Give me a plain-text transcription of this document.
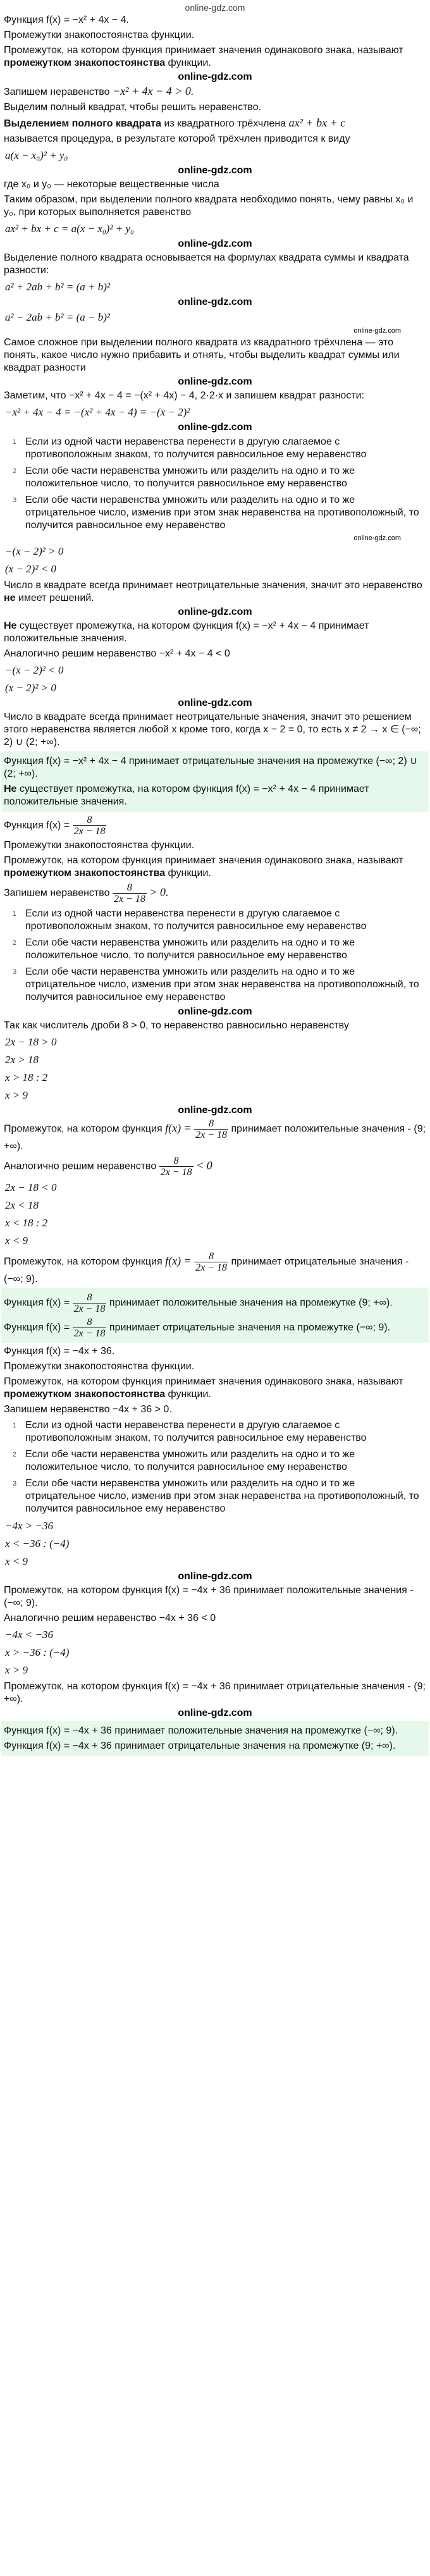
online-gdz.com

Функция f(x) = −x² + 4x − 4.

Промежутки знакопостоянства функции.

Промежуток, на котором функция принимает значения одинакового знака, называют промежутком знакопостоянства функции.

online-gdz.com

Запишем неравенство −x² + 4x − 4 > 0.

Выделим полный квадрат, чтобы решить неравенство.

Выделением полного квадрата из квадратного трёхчлена ax² + bx + c

называется процедура, в результате которой трёхчлен приводится к виду

a(x − x₀)² + y₀
online-gdz.com

где x₀ и y₀ — некоторые вещественные числа

Таким образом, при выделении полного квадрата необходимо понять, чему равны x₀ и y₀, при которых выполняется равенство

ax² + bx + c = a(x − x₀)² + y₀
online-gdz.com

Выделение полного квадрата основывается на формулах квадрата суммы и квадрата разности:

a² + 2ab + b² = (a + b)²
online-gdz.com
a² − 2ab + b² = (a − b)²
online-gdz.com

Самое сложное при выделении полного квадрата из квадратного трёхчлена — это понять, какое число нужно прибавить и отнять, чтобы выделить квадрат суммы или квадрат разности

online-gdz.com

Заметим, что −x² + 4x − 4 = −(x² + 4x) − 4, 2·2·x и запишем квадрат разности:

−x² + 4x − 4 = −(x² + 4x − 4) = −(x − 2)²
online-gdz.com
1 Если из одной части неравенства перенести в другую слагаемое с противоположным знаком, то получится равносильное ему неравенство
2 Если обе части неравенства умножить или разделить на одно и то же положительное число, то получится равносильное ему неравенство
3 Если обе части неравенства умножить или разделить на одно и то же отрицательное число, изменив при этом знак неравенства на противоположный, то получится равносильное ему неравенство
online-gdz.com
−(x − 2)² > 0
(x − 2)² < 0

Число в квадрате всегда принимает неотрицательные значения, значит это неравенство не имеет решений.

online-gdz.com

Не существует промежутка, на котором функция f(x) = −x² + 4x − 4 принимает положительные значения.

Аналогично решим неравенство −x² + 4x − 4 < 0

−(x − 2)² < 0
(x − 2)² > 0
online-gdz.com

Число в квадрате всегда принимает неотрицательные значения, значит это решением этого неравенства является любой x кроме того, когда x − 2 = 0, то есть x ≠ 2 → x ∈ (−∞; 2) ∪ (2; +∞).

Функция f(x) = −x² + 4x − 4 принимает отрицательные значения на промежутке (−∞; 2) ∪ (2; +∞).

Не существует промежутка, на котором функция f(x) = −x² + 4x − 4 принимает положительные значения.

Функция $f(x) = \frac{8}{2x - 18}$

Промежутки знакопостоянства функции.

Промежуток, на котором функция принимает значения одинакового знака, называют промежутком знакопостоянства функции.

Запишем неравенство $\frac{8}{2x - 18} > 0$.

1 Если из одной части неравенства перенести в другую слагаемое с противоположным знаком, то получится равносильное ему неравенство
2 Если обе части неравенства умножить или разделить на одно и то же положительное число, то получится равносильное ему неравенство
3 Если обе части неравенства умножить или разделить на одно и то же отрицательное число, изменив при этом знак неравенства на противоположный, то получится равносильное ему неравенство
online-gdz.com

Так как числитель дроби 8 > 0, то неравенство равносильно неравенству

2x − 18 > 0
2x > 18
x > 18 : 2
x > 9
online-gdz.com

Промежуток, на котором функция $f(x) = \frac{8}{2x - 18}$ принимает положительные значения - (9; +∞).

Аналогично решим неравенство $\frac{8}{2x - 18} < 0$

2x − 18 < 0
2x < 18
x < 18 : 2
x < 9

Промежуток, на котором функция $f(x) = \frac{8}{2x - 18}$ принимает отрицательные значения - (−∞; 9).

Функция $f(x) = \frac{8}{2x - 18}$ принимает положительные значения на промежутке (9; +∞).

Функция $f(x) = \frac{8}{2x - 18}$ принимает отрицательные значения на промежутке (−∞; 9).

Функция f(x) = −4x + 36.

Промежутки знакопостоянства функции.

Промежуток, на котором функция принимает значения одинакового знака, называют промежутком знакопостоянства функции.

Запишем неравенство −4x + 36 > 0.

1 Если из одной части неравенства перенести в другую слагаемое с противоположным знаком, то получится равносильное ему неравенство
2 Если обе части неравенства умножить или разделить на одно и то же положительное число, то получится равносильное ему неравенство
3 Если обе части неравенства умножить или разделить на одно и то же отрицательное число, изменив при этом знак неравенства на противоположный, то получится равносильное ему неравенство
−4x > −36
x < −36 : (−4)
x < 9
online-gdz.com

Промежуток, на котором функция f(x) = −4x + 36 принимает положительные значения - (−∞; 9).

Аналогично решим неравенство −4x + 36 < 0

−4x < −36
x > −36 : (−4)
x > 9

Промежуток, на котором функция f(x) = −4x + 36 принимает отрицательные значения - (9; +∞).

online-gdz.com

Функция f(x) = −4x + 36 принимает положительные значения на промежутке (−∞; 9).

Функция f(x) = −4x + 36 принимает отрицательные значения на промежутке (9; +∞).
